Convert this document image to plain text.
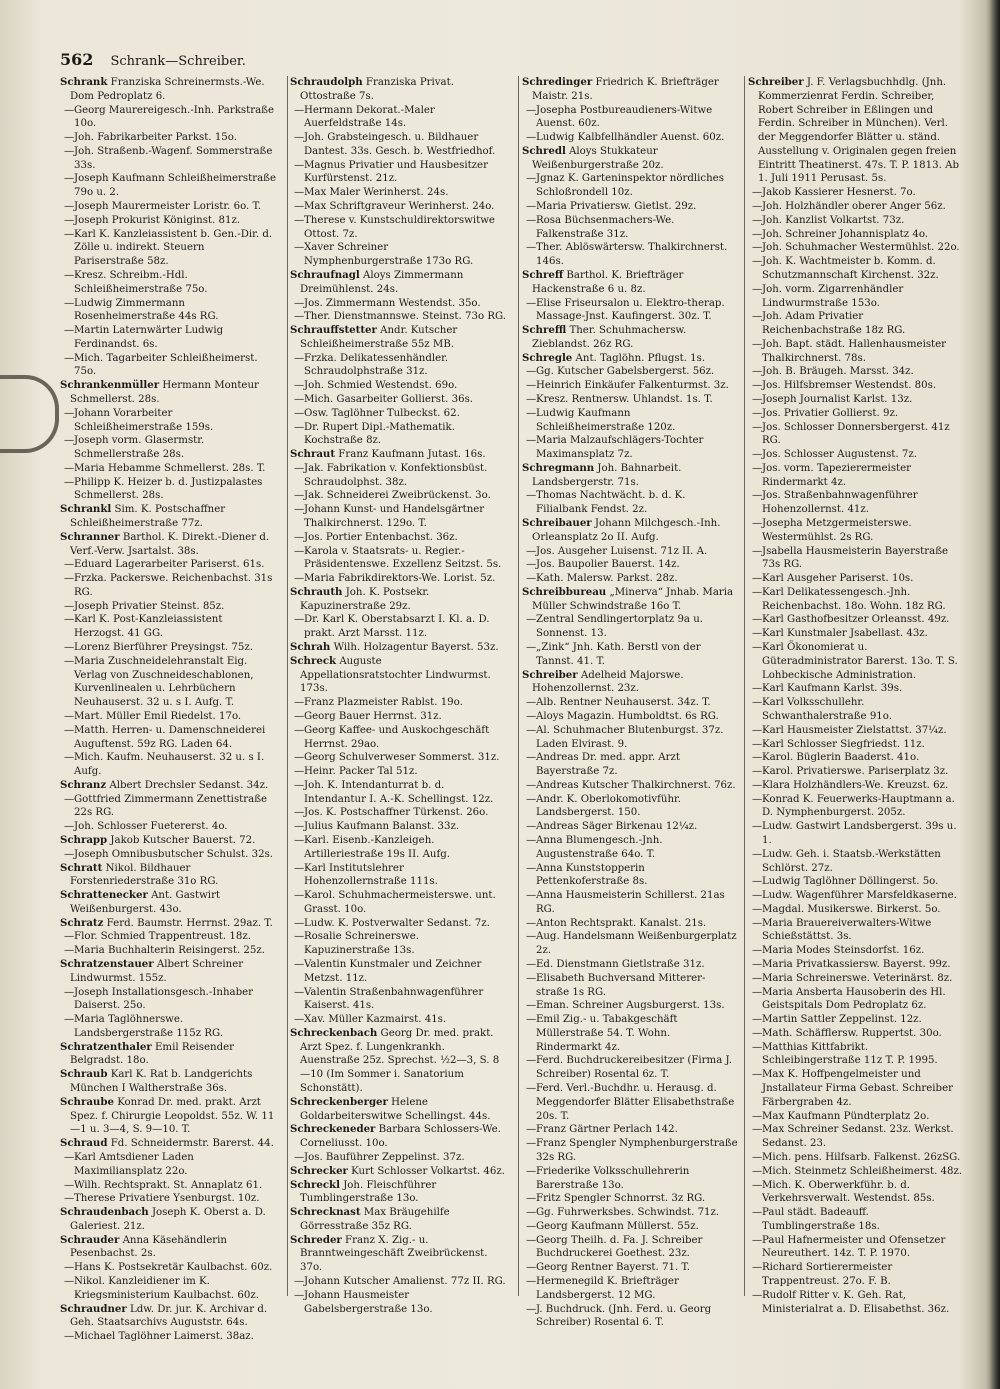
562 Schrank—Schreiber.

Schrank Franziska Schreinermsts.-We. Dom Pedroplatz 6.

—Georg Maurereigesch.-Inh. Parkstraße 10o.

—Joh. Fabrikarbeiter Parkst. 15o.

—Joh. Straßenb.-Wagenf. Sommerstraße 33s.

—Joseph Kaufmann Schleißheimerstraße 79o u. 2.

—Joseph Maurermeister Loristr. 6o. T.

—Joseph Prokurist Königinst. 81z.

—Karl K. Kanzleiassistent b. Gen.-Dir. d. Zölle u. indirekt. Steuern Pariserstraße 58z.

—Kresz. Schreibm.-Hdl. Schleißheimerstraße 75o.

—Ludwig Zimmermann Rosenheimerstraße 44s RG.

—Martin Laternwärter Ludwig Ferdinandst. 6s.

—Mich. Tagarbeiter Schleißheimerst. 75o.

Schrankenmüller Hermann Monteur Schmellerst. 28s.

—Johann Vorarbeiter Schleißheimerstraße 159s.

—Joseph vorm. Glasermstr. Schmellerstraße 28s.

—Maria Hebamme Schmellerst. 28s. T.

—Philipp K. Heizer b. d. Justizpalastes Schmellerst. 28s.

Schrankl Sim. K. Postschaffner Schleißheimerstraße 77z.

Schranner Barthol. K. Direkt.-Diener d. Verf.-Verw. Jsartalst. 38s.

—Eduard Lagerarbeiter Pariserst. 61s.

—Frzka. Packerswe. Reichenbachst. 31s RG.

—Joseph Privatier Steinst. 85z.

—Karl K. Post-Kanzleiassistent Herzogst. 41 GG.

—Lorenz Bierführer Preysingst. 75z.

—Maria Zuschneidelehranstalt Eig. Verlag von Zuschneideschablonen, Kurvenlinealen u. Lehrbüchern Neuhauserst. 32 u. s I. Aufg. T.

—Mart. Müller Emil Riedelst. 17o.

—Matth. Herren- u. Damenschneiderei Auguftenst. 59z RG. Laden 64.

—Mich. Kaufm. Neuhauserst. 32 u. s I. Aufg.

Schranz Albert Drechsler Sedanst. 34z.

—Gottfried Zimmermann Zenettistraße 22s RG.

—Joh. Schlosser Fuetererst. 4o.

Schrapp Jakob Kutscher Bauerst. 72.

—Joseph Omnibusbutscher Schulst. 32s.

Schratt Nikol. Bildhauer Forstenriederstraße 31o RG.

Schrattenecker Ant. Gastwirt Weißenburgerst. 43o.

Schratz Ferd. Baumstr. Herrnst. 29az. T.

—Flor. Schmied Trappentreust. 18z.

—Maria Buchhalterin Reisingerst. 25z.

Schratzenstauer Albert Schreiner Lindwurmst. 155z.

—Joseph Installationsgesch.-Inhaber Daiserst. 25o.

—Maria Taglöhnerswe. Landsbergerstraße 115z RG.

Schratzenthaler Emil Reisender Belgradst. 18o.

Schraub Karl K. Rat b. Landgerichts München I Waltherstraße 36s.

Schraube Konrad Dr. med. prakt. Arzt Spez. f. Chirurgie Leopoldst. 55z. W. 11—1 u. 3—4, S. 9—10. T.

Schraud Fd. Schneidermstr. Barerst. 44.

—Karl Amtsdiener Laden Maximiliansplatz 22o.

—Wilh. Rechtsprakt. St. Annaplatz 61.

—Therese Privatiere Ysenburgst. 10z.

Schraudenbach Joseph K. Oberst a. D. Galeriest. 21z.

Schrauder Anna Käsehändlerin Pesenbachst. 2s.

—Hans K. Postsekretär Kaulbachst. 60z.

—Nikol. Kanzleidiener im K. Kriegsministerium Kaulbachst. 60z.

Schraudner Ldw. Dr. jur. K. Archivar d. Geh. Staatsarchivs Auguststr. 64s.

—Michael Taglöhner Laimerst. 38az.

Schraudolph Franziska Privat. Ottostraße 7s.

—Hermann Dekorat.-Maler Auerfeldstraße 14s.

—Joh. Grabsteingesch. u. Bildhauer Dantest. 33s. Gesch. b. Westfriedhof.

—Magnus Privatier und Hausbesitzer Kurfürstenst. 21z.

—Max Maler Werinherst. 24s.

—Max Schriftgraveur Werinherst. 24o.

—Therese v. Kunstschuldirektorswitwe Ottost. 7z.

—Xaver Schreiner Nymphenburgerstraße 173o RG.

Schraufnagl Aloys Zimmermann Dreimühlenst. 24s.

—Jos. Zimmermann Westendst. 35o.

—Ther. Dienstmannswe. Steinst. 73o RG.

Schrauffstetter Andr. Kutscher Schleißheimerstraße 55z MB.

—Frzka. Delikatessenhändler. Schraudolphstraße 31z.

—Joh. Schmied Westendst. 69o.

—Mich. Gasarbeiter Gollierst. 36s.

—Osw. Taglöhner Tulbeckst. 62.

—Dr. Rupert Dipl.-Mathematik. Kochstraße 8z.

Schraut Franz Kaufmann Jutast. 16s.

—Jak. Fabrikation v. Konfektionsbüst. Schraudolphst. 38z.

—Jak. Schneiderei Zweibrückenst. 3o.

—Johann Kunst- und Handelsgärtner Thalkirchnerst. 129o. T.

—Jos. Portier Entenbachst. 36z.

—Karola v. Staatsrats- u. Regier.-Präsidentenswe. Exzellenz Seitzst. 5s.

—Maria Fabrikdirektors-We. Lorist. 5z.

Schrauth Joh. K. Postsekr. Kapuzinerstraße 29z.

—Dr. Karl K. Oberstabsarzt I. Kl. a. D. prakt. Arzt Marsst. 11z.

Schrah Wilh. Holzagentur Bayerst. 53z.

Schreck Auguste Appellationsratstochter Lindwurmst. 173s.

—Franz Plazmeister Rablst. 19o.

—Georg Bauer Herrnst. 31z.

—Georg Kaffee- und Auskochgeschäft Herrnst. 29ao.

—Georg Schulverweser Sommerst. 31z.

—Heinr. Packer Tal 51z.

—Joh. K. Intendanturrat b. d. Intendantur I. A.-K. Schellingst. 12z.

—Jos. K. Postschaffner Türkenst. 26o.

—Julius Kaufmann Balanst. 33z.

—Karl. Eisenb.-Kanzleigeh. Artilleriestraße 19s II. Aufg.

—Karl Institutslehrer Hohenzollernstraße 111s.

—Karol. Schuhmachermeisterswe. unt. Grasst. 10o.

—Ludw. K. Postverwalter Sedanst. 7z.

—Rosalie Schreinerswe. Kapuzinerstraße 13s.

—Valentin Kunstmaler und Zeichner Metzst. 11z.

—Valentin Straßenbahnwagenführer Kaiserst. 41s.

—Xav. Müller Kazmairst. 41s.

Schreckenbach Georg Dr. med. prakt. Arzt Spez. f. Lungenkrankh. Auenstraße 25z. Sprechst. ½2—3, S. 8—10 (Im Sommer i. Sanatorium Schonstätt).

Schreckenberger Helene Goldarbeiterswitwe Schellingst. 44s.

Schreckeneder Barbara Schlossers-We. Corneliusst. 10o.

—Jos. Bauführer Zeppelinst. 37z.

Schrecker Kurt Schlosser Volkartst. 46z.

Schreckl Joh. Fleischführer Tumblingerstraße 13o.

Schrecknast Max Bräugehilfe Görresstraße 35z RG.

Schreder Franz X. Zig.- u. Branntweingeschäft Zweibrückenst. 37o.

—Johann Kutscher Amalienst. 77z II. RG.

—Johann Hausmeister Gabelsbergerstraße 13o.

Schredinger Friedrich K. Briefträger Maistr. 21s.

—Josepha Postbureaudieners-Witwe Auenst. 60z.

—Ludwig Kalbfellhändler Auenst. 60z.

Schredl Aloys Stukkateur Weißenburgerstraße 20z.

—Jgnaz K. Garteninspektor nördliches Schloßrondell 10z.

—Maria Privatiersw. Gietlst. 29z.

—Rosa Büchsenmachers-We. Falkenstraße 31z.

—Ther. Ablöswärtersw. Thalkirchnerst. 146s.

Schreff Barthol. K. Briefträger Hackenstraße 6 u. 8z.

—Elise Friseursalon u. Elektro-therap. Massage-Jnst. Kaufingerst. 30z. T.

Schreffl Ther. Schuhmachersw. Zieblandst. 26z RG.

Schregle Ant. Taglöhn. Pflugst. 1s.

—Gg. Kutscher Gabelsbergerst. 56z.

—Heinrich Einkäufer Falkenturmst. 3z.

—Kresz. Rentnersw. Uhlandst. 1s. T.

—Ludwig Kaufmann Schleißheimerstraße 120z.

—Maria Malzaufschlägers-Tochter Maximansplatz 7z.

Schregmann Joh. Bahnarbeit. Landsbergerstr. 71s.

—Thomas Nachtwächt. b. d. K. Filialbank Fendst. 2z.

Schreibauer Johann Milchgesch.-Inh. Orleansplatz 2o II. Aufg.

—Jos. Ausgeher Luisenst. 71z II. A.

—Jos. Baupolier Bauerst. 14z.

—Kath. Malersw. Parkst. 28z.

Schreibbureau „Minerva“ Jnhab. Maria Müller Schwindstraße 16o T.

—Zentral Sendlingertorplatz 9a u. Sonnenst. 13.

—„Zink“ Jnh. Kath. Berstl von der Tannst. 41. T.

Schreiber Adelheid Majorswe. Hohenzollernst. 23z.

—Alb. Rentner Neuhauserst. 34z. T.

—Aloys Magazin. Humboldtst. 6s RG.

—Al. Schuhmacher Blutenburgst. 37z. Laden Elvirast. 9.

—Andreas Dr. med. appr. Arzt Bayerstraße 7z.

—Andreas Kutscher Thalkirchnerst. 76z.

—Andr. K. Oberlokomotivführ. Landsbergerst. 150.

—Andreas Säger Birkenau 12¼z.

—Anna Blumengesch.-Jnh. Augustenstraße 64o. T.

—Anna Kunststopperin Pettenkoferstraße 8s.

—Anna Hausmeisterin Schillerst. 21as RG.

—Anton Rechtsprakt. Kanalst. 21s.

—Aug. Handelsmann Weißenburgerplatz 2z.

—Ed. Dienstmann Gietlstraße 31z.

—Elisabeth Buchversand Mitterer-straße 1s RG.

—Eman. Schreiner Augsburgerst. 13s.

—Emil Zig.- u. Tabakgeschäft Müllerstraße 54. T. Wohn. Rindermarkt 4z.

—Ferd. Buchdruckereibesitzer (Firma J. Schreiber) Rosental 6z. T.

—Ferd. Verl.-Buchdhr. u. Herausg. d. Meggendorfer Blätter Elisabethstraße 20s. T.

—Franz Gärtner Perlach 142.

—Franz Spengler Nymphenburgerstraße 32s RG.

—Friederike Volksschullehrerin Barerstraße 13o.

—Fritz Spengler Schnorrst. 3z RG.

—Gg. Fuhrwerksbes. Schwindst. 71z.

—Georg Kaufmann Müllerst. 55z.

—Georg Theilh. d. Fa. J. Schreiber Buchdruckerei Goethest. 23z.

—Georg Rentner Bayerst. 71. T.

—Hermenegild K. Briefträger Landsbergerst. 12 MG.

—J. Buchdruck. (Jnh. Ferd. u. Georg Schreiber) Rosental 6. T.

Schreiber J. F. Verlagsbuchhdlg. (Jnh. Kommerzienrat Ferdin. Schreiber, Robert Schreiber in Eßlingen und Ferdin. Schreiber in München). Verl. der Meggendorfer Blätter u. ständ. Ausstellung v. Originalen gegen freien Eintritt Theatinerst. 47s. T. P. 1813. Ab 1. Juli 1911 Perusast. 5s.

—Jakob Kassierer Hesnerst. 7o.

—Joh. Holzhändler oberer Anger 56z.

—Joh. Kanzlist Volkartst. 73z.

—Joh. Schreiner Johannisplatz 4o.

—Joh. Schuhmacher Westermühlst. 22o.

—Joh. K. Wachtmeister b. Komm. d. Schutzmannschaft Kirchenst. 32z.

—Joh. vorm. Zigarrenhändler Lindwurmstraße 153o.

—Joh. Adam Privatier Reichenbachstraße 18z RG.

—Joh. Bapt. städt. Hallenhausmeister Thalkirchnerst. 78s.

—Joh. B. Bräugeh. Marsst. 34z.

—Jos. Hilfsbremser Westendst. 80s.

—Joseph Journalist Karlst. 13z.

—Jos. Privatier Gollierst. 9z.

—Jos. Schlosser Donnersbergerst. 41z RG.

—Jos. Schlosser Augustenst. 7z.

—Jos. vorm. Tapezierermeister Rindermarkt 4z.

—Jos. Straßenbahnwagenführer Hohenzollernst. 41z.

—Josepha Metzgermeisterswe. Westermühlst. 2s RG.

—Jsabella Hausmeisterin Bayerstraße 73s RG.

—Karl Ausgeher Pariserst. 10s.

—Karl Delikatessengesch.-Jnh. Reichenbachst. 18o. Wohn. 18z RG.

—Karl Gasthofbesitzer Orleansst. 49z.

—Karl Kunstmaler Jsabellast. 43z.

—Karl Ökonomierat u. Güteradministrator Barerst. 13o. T. S. Lohbeckische Administration.

—Karl Kaufmann Karlst. 39s.

—Karl Volksschullehr. Schwanthalerstraße 91o.

—Karl Hausmeister Zielstattst. 37¼z.

—Karl Schlosser Siegfriedst. 11z.

—Karol. Büglerin Baaderst. 41o.

—Karol. Privatierswe. Pariserplatz 3z.

—Klara Holzhändlers-We. Kreuzst. 6z.

—Konrad K. Feuerwerks-Hauptmann a. D. Nymphenburgerst. 205z.

—Ludw. Gastwirt Landsbergerst. 39s u. 1.

—Ludw. Geh. i. Staatsb.-Werkstätten Schlörst. 27z.

—Ludwig Taglöhner Döllingerst. 5o.

—Ludw. Wagenführer Marsfeldkaserne.

—Magdal. Musikerswe. Birkerst. 5o.

—Maria Brauereiverwalters-Witwe Schießstättst. 3s.

—Maria Modes Steinsdorfst. 16z.

—Maria Privatkassiersw. Bayerst. 99z.

—Maria Schreinerswe. Veterinärst. 8z.

—Maria Ansberta Hausoberin des Hl. Geistspitals Dom Pedroplatz 6z.

—Martin Sattler Zeppelinst. 12z.

—Math. Schäfflersw. Ruppertst. 30o.

—Matthias Kittfabrikt. Schleibingerstraße 11z T. P. 1995.

—Max K. Hoffpengelmeister und Jnstallateur Firma Gebast. Schreiber Färbergraben 4z.

—Max Kaufmann Pündterplatz 2o.

—Max Schreiner Sedanst. 23z. Werkst. Sedanst. 23.

—Mich. pens. Hilfsarb. Falkenst. 26zSG.

—Mich. Steinmetz Schleißheimerst. 48z.

—Mich. K. Oberwerkführ. b. d. Verkehrsverwalt. Westendst. 85s.

—Paul städt. Badeauff. Tumblingerstraße 18s.

—Paul Hafnermeister und Ofensetzer Neureuthert. 14z. T. P. 1970.

—Richard Sortierermeister Trappentreust. 27o. F. B.

—Rudolf Ritter v. K. Geh. Rat, Ministerialrat a. D. Elisabethst. 36z.
